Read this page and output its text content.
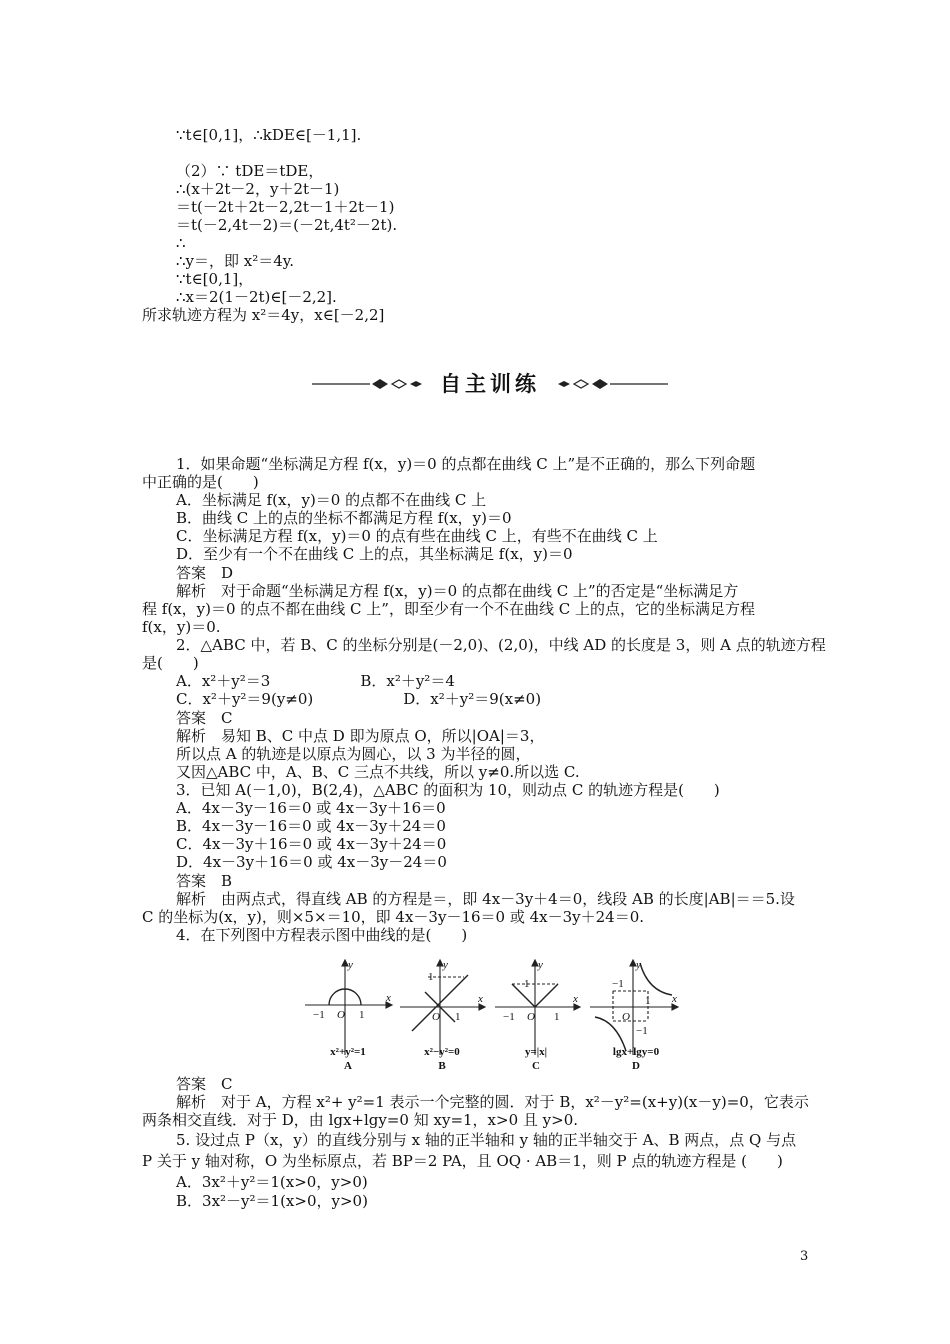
∵t∈[0,1]，∴kDE∈[－1,1].
（2）∵ tDE＝tDE，
∴(x＋2t－2，y＋2t－1)
＝t(－2t＋2t－2,2t－1＋2t－1)
＝t(－2,4t－2)＝(－2t,4t²－2t).
∴
∴y＝，即 x²＝4y.
∵t∈[0,1]，
∴x＝2(1－2t)∈[－2,2].
所求轨迹方程为 x²＝4y，x∈[－2,2]
自主训练
1．如果命题“坐标满足方程 f(x，y)＝0 的点都在曲线 C 上”是不正确的，那么下列命题
中正确的是(　　)
A．坐标满足 f(x，y)＝0 的点都不在曲线 C 上
B．曲线 C 上的点的坐标不都满足方程 f(x，y)＝0
C．坐标满足方程 f(x，y)＝0 的点有些在曲线 C 上，有些不在曲线 C 上
D．至少有一个不在曲线 C 上的点，其坐标满足 f(x，y)＝0
答案　D
解析　对于命题“坐标满足方程 f(x，y)＝0 的点都在曲线 C 上”的否定是“坐标满足方
程 f(x，y)＝0 的点不都在曲线 C 上”，即至少有一个不在曲线 C 上的点，它的坐标满足方程
f(x，y)＝0.
2．△ABC 中，若 B、C 的坐标分别是(－2,0)、(2,0)，中线 AD 的长度是 3，则 A 点的轨迹方程
是(　　)
A．x²＋y²＝3　　　　　　B．x²＋y²＝4
C．x²＋y²＝9(y≠0)　　　　　　D．x²＋y²＝9(x≠0)
答案　C
解析　易知 B、C 中点 D 即为原点 O，所以|OA|＝3，
所以点 A 的轨迹是以原点为圆心，以 3 为半径的圆，
又因△ABC 中，A、B、C 三点不共线，所以 y≠0.所以选 C.
3．已知 A(－1,0)，B(2,4)，△ABC 的面积为 10，则动点 C 的轨迹方程是(　　)
A．4x－3y－16＝0 或 4x－3y＋16＝0
B．4x－3y－16＝0 或 4x－3y＋24＝0
C．4x－3y＋16＝0 或 4x－3y＋24＝0
D．4x－3y＋16＝0 或 4x－3y－24＝0
答案　B
解析　由两点式，得直线 AB 的方程是＝，即 4x－3y＋4＝0，线段 AB 的长度|AB|＝＝5.设
C 的坐标为(x，y)，则×5×＝10，即 4x－3y－16＝0 或 4x－3y＋24＝0.
4．在下列图中方程表示图中曲线的是(　　)
−1 O 1
x
y
1
O 1
x
y
1
−1 O 1
x
y
−1
O
1
−1
x
y
x²+y²=1
A
x²−y²=0
B
y=|x|
C
lgx+lgy=0
D
答案　C
解析　对于 A，方程 x²+ y²=1 表示一个完整的圆．对于 B，x²－y²=(x+y)(x－y)=0，它表示
两条相交直线．对于 D，由 lgx+lgy=0 知 xy=1，x>0 且 y>0.
5. 设过点 P（x，y）的直线分别与 x 轴的正半轴和 y 轴的正半轴交于 A、B 两点，点 Q 与点
P 关于 y 轴对称，O 为坐标原点，若 BP＝2 PA，且 OQ · AB＝1，则 P 点的轨迹方程是 (　　)
A．3x²＋y²＝1(x>0，y>0)
B．3x²－y²＝1(x>0，y>0)
3
